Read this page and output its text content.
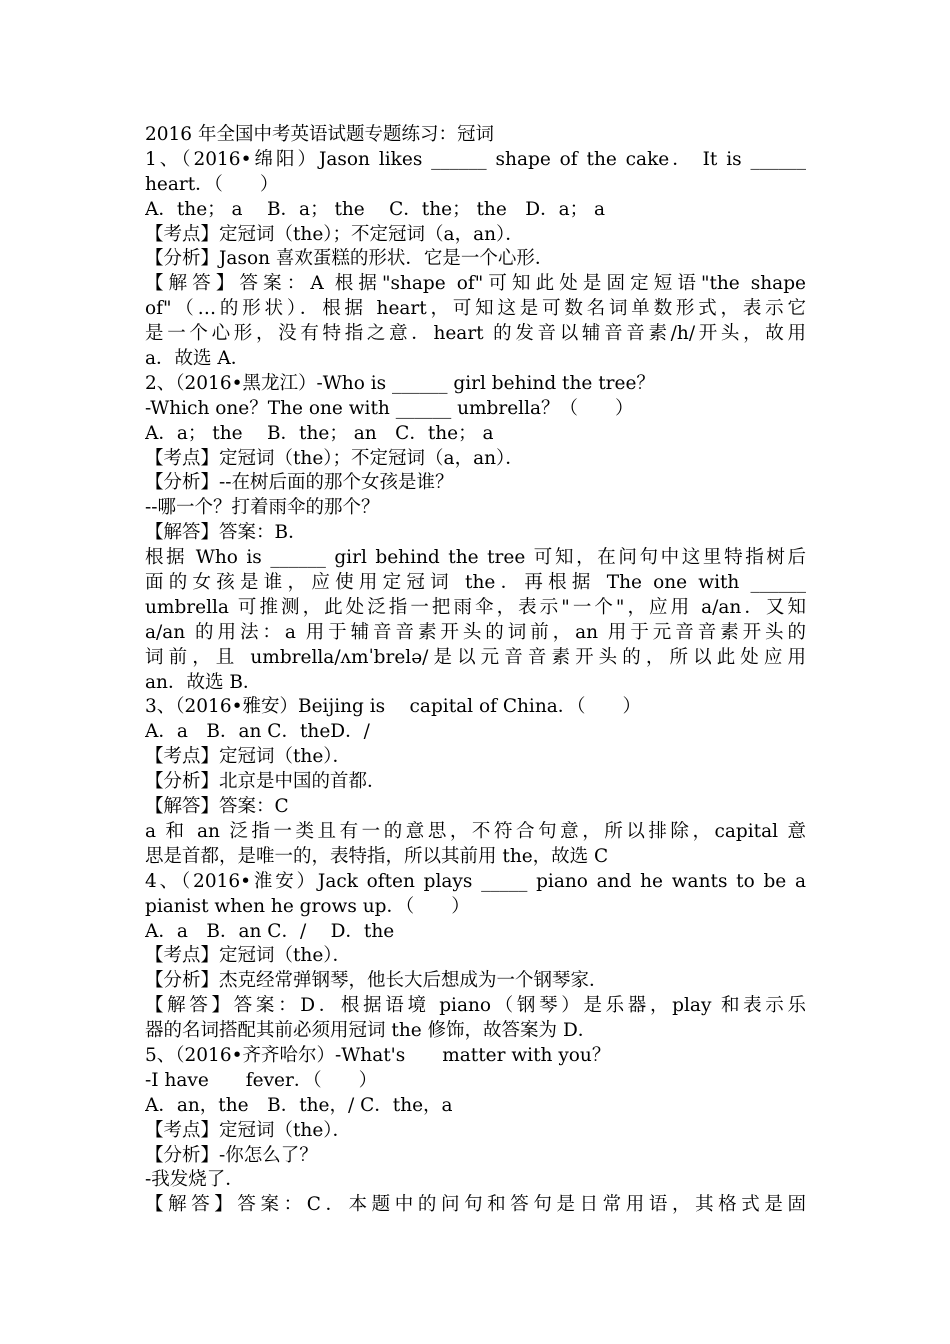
2016 年全国中考英语试题专题练习：冠词
1、（2016•绵阳）Jason likes ______ shape of the cake． It is ______
heart．（　　）
A．the； a　 B．a； the　 C．the； the　D．a； a
【考点】定冠词（the）；不定冠词（a，an）．
【分析】Jason 喜欢蛋糕的形状．它是一个心形．
【解答】答案：A 根据"shape of"可知此处是固定短语"the shape
of"（…的形状）．根据 heart，可知这是可数名词单数形式，表示它
是一个心形，没有特指之意．heart 的发音以辅音音素/h/开头，故用
a．故选 A．
2、（2016•黑龙江）-Who is ______ girl behind the tree？
-Which one？The one with ______ umbrella？（　　）
A．a； the　 B．the； an　C．the； a
【考点】定冠词（the）；不定冠词（a，an）．
【分析】--在树后面的那个女孩是谁？
--哪一个？打着雨伞的那个？
【解答】答案：B．
根据 Who is ______ girl behind the tree 可知，在问句中这里特指树后
面的女孩是谁，应使用定冠词 the．再根据 The one with ______
umbrella 可推测，此处泛指一把雨伞，表示"一个"，应用 a/an．又知
a/an 的用法：a 用于辅音音素开头的词前，an 用于元音音素开头的
词前，且 umbrella/ʌmˈbrelə/是以元音音素开头的，所以此处应用
an．故选 B．
3、（2016•雅安）Beijing is　 capital of China．（　　）
A．a　B．an C．theD．/
【考点】定冠词（the）．
【分析】北京是中国的首都．
【解答】答案：C
a 和 an 泛指一类且有一的意思，不符合句意，所以排除，capital 意
思是首都，是唯一的，表特指，所以其前用 the，故选 C
4、（2016•淮安）Jack often plays _____ piano and he wants to be a
pianist when he grows up．（　　）
A．a　B．an C．/　 D．the
【考点】定冠词（the）．
【分析】杰克经常弹钢琴，他长大后想成为一个钢琴家．
【解答】答案：D．根据语境 piano（钢琴）是乐器，play 和表示乐
器的名词搭配其前必须用冠词 the 修饰，故答案为 D．
5、（2016•齐齐哈尔）-What's　　matter with you？
-I have　　fever．（　　）
A．an，the　B．the，/ C．the，a
【考点】定冠词（the）．
【分析】-你怎么了？
-我发烧了．
【解答】答案：C．本题中的问句和答句是日常用语，其格式是固
